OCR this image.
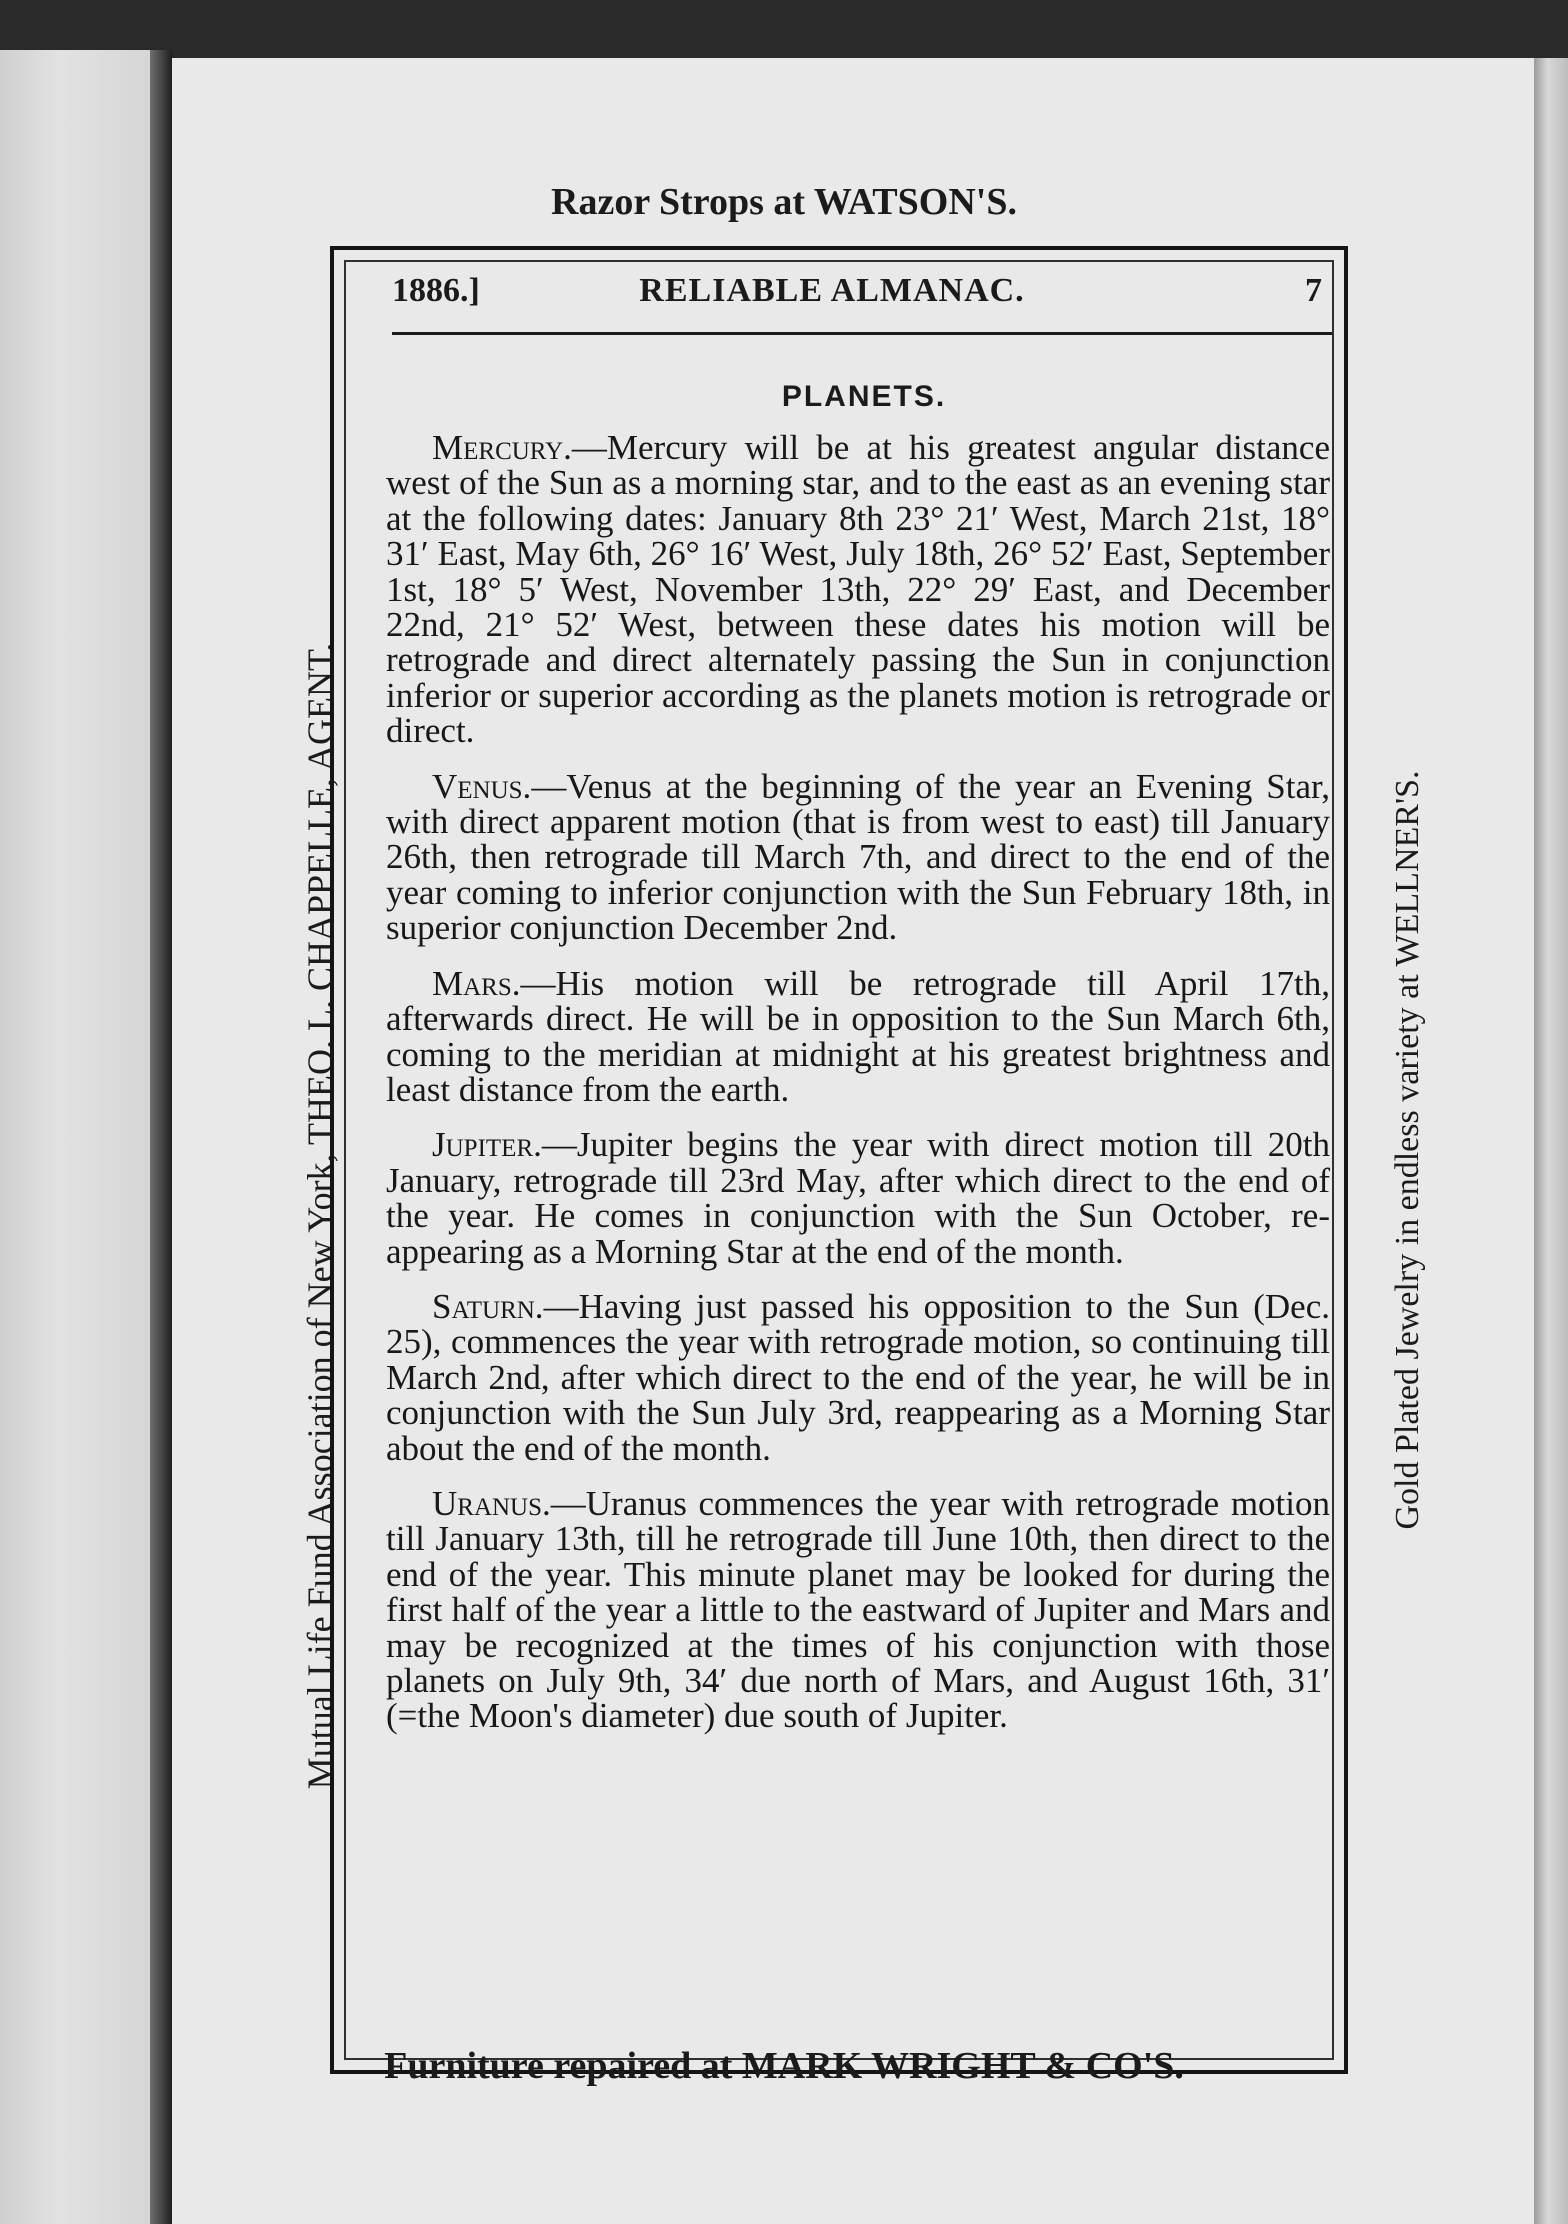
Razor Strops at WATSON'S.
Mutual Life Fund Association of New York, THEO. L. CHAPPELLE, AGENT.	Gold Plated Jewelry in endless variety at WELLNER'S.
1886.]	RELIABLE ALMANAC.	7
PLANETS.

Mercury.—Mercury will be at his greatest angular distance west of the Sun as a morning star, and to the east as an evening star at the following dates: January 8th 23° 21′ West, March 21st, 18° 31′ East, May 6th, 26° 16′ West, July 18th, 26° 52′ East, September 1st, 18° 5′ West, November 13th, 22° 29′ East, and December 22nd, 21° 52′ West, between these dates his motion will be retrograde and direct alternately passing the Sun in conjunction inferior or superior according as the planets motion is retrograde or direct.

Venus.—Venus at the beginning of the year an Evening Star, with direct apparent motion (that is from west to east) till January 26th, then retrograde till March 7th, and direct to the end of the year coming to inferior conjunction with the Sun February 18th, in superior conjunction December 2nd.

Mars.—His motion will be retrograde till April 17th, afterwards direct. He will be in opposition to the Sun March 6th, coming to the meridian at midnight at his greatest brightness and least distance from the earth.

Jupiter.—Jupiter begins the year with direct motion till 20th January, retrograde till 23rd May, after which direct to the end of the year. He comes in conjunction with the Sun October, re-appearing as a Morning Star at the end of the month.

Saturn.—Having just passed his opposition to the Sun (Dec. 25), commences the year with retrograde motion, so continuing till March 2nd, after which direct to the end of the year, he will be in conjunction with the Sun July 3rd, reappearing as a Morning Star about the end of the month.

Uranus.—Uranus commences the year with retrograde motion till January 13th, till he retrograde till June 10th, then direct to the end of the year. This minute planet may be looked for during the first half of the year a little to the eastward of Jupiter and Mars and may be recognized at the times of his conjunction with those planets on July 9th, 34′ due north of Mars, and August 16th, 31′ (=the Moon's diameter) due south of Jupiter.

Furniture repaired at MARK WRIGHT & CO'S.
